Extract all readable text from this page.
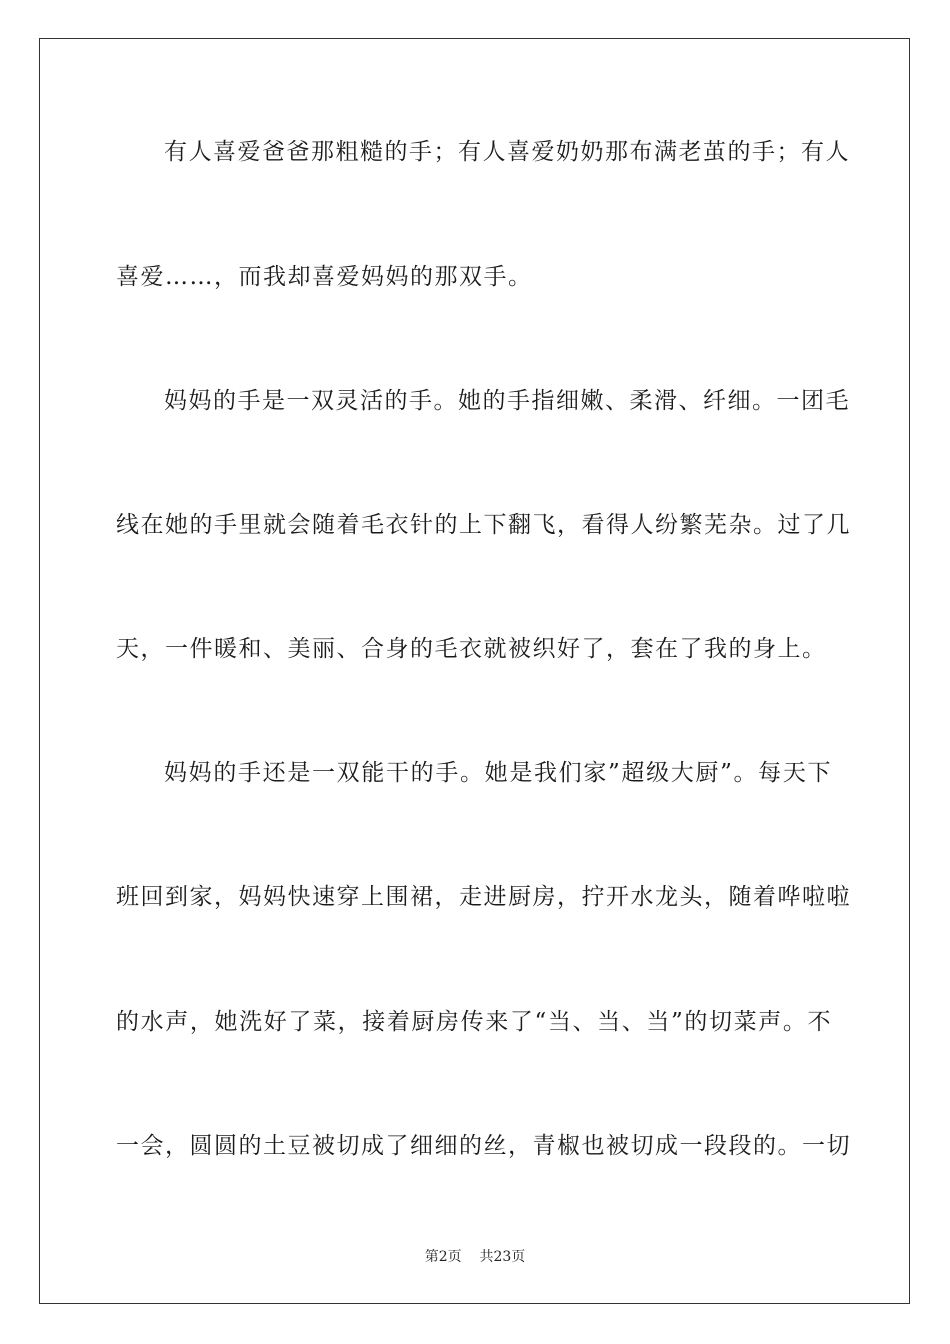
有人喜爱爸爸那粗糙的手；有人喜爱奶奶那布满老茧的手；有人
喜爱……，而我却喜爱妈妈的那双手。
妈妈的手是一双灵活的手。她的手指细嫩、柔滑、纤细。一团毛
线在她的手里就会随着毛衣针的上下翻飞，看得人纷繁芜杂。过了几
天，一件暖和、美丽、合身的毛衣就被织好了，套在了我的身上。
妈妈的手还是一双能干的手。她是我们家”超级大厨”。每天下
班回到家，妈妈快速穿上围裙，走进厨房，拧开水龙头，随着哗啦啦
的水声，她洗好了菜，接着厨房传来了“当、当、当”的切菜声。不
一会，圆圆的土豆被切成了细细的丝，青椒也被切成一段段的。一切
第2页 共23页
